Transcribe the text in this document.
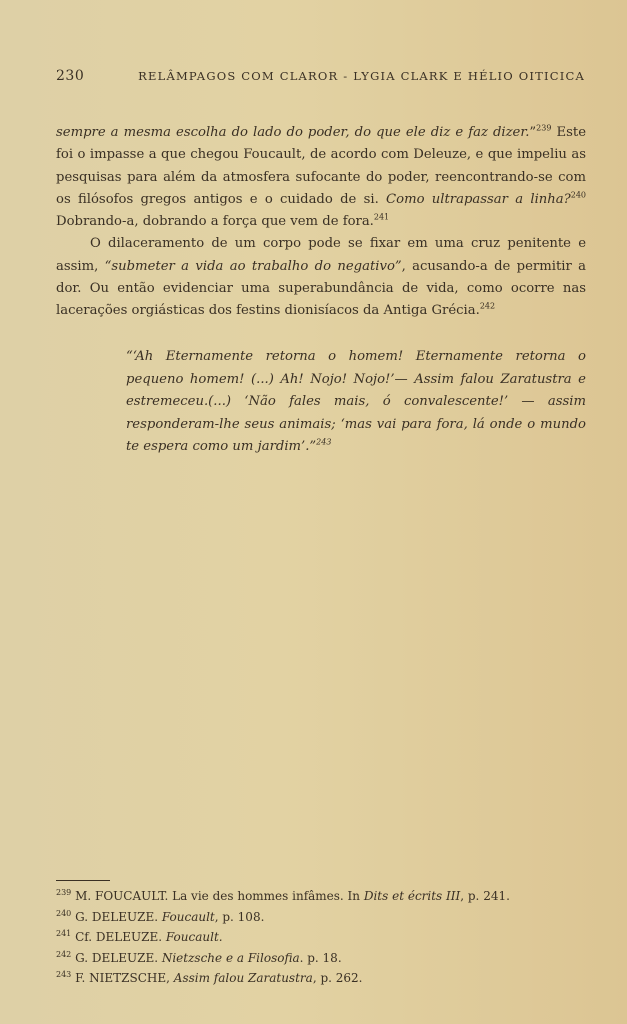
230	RELÂMPAGOS COM CLAROR - LYGIA CLARK E HÉLIO OITICICA

sempre a mesma escolha do lado do poder, do que ele diz e faz dizer.”$^{239}$ Este foi o impasse a que chegou Foucault, de acordo com Deleuze, e que impeliu as pesquisas para além da atmosfera sufocante do poder, reencontrando-se com os filósofos gregos antigos e o cuidado de si. Como ultrapassar a linha?$^{240}$ Dobrando-a, dobrando a força que vem de fora.$^{241}$

O dilaceramento de um corpo pode se fixar em uma cruz penitente e assim, “submeter a vida ao trabalho do negativo”, acusando-a de permitir a dor. Ou então evidenciar uma superabundância de vida, como ocorre nas lacerações orgiásticas dos festins dionisíacos da Antiga Grécia.$^{242}$

“‘Ah Eternamente retorna o homem! Eternamente retorna o pequeno homem! (...) Ah! Nojo! Nojo!’— Assim falou Zaratustra e estremeceu.(...) ‘Não fales mais, ó convalescente!’ — assim responderam-lhe seus animais; ‘mas vai para fora, lá onde o mundo te espera como um jardim’.”$^{243}$
$^{239}$ M. FOUCAULT. La vie des hommes infâmes. In Dits et écrits III, p. 241.
$^{240}$ G. DELEUZE. Foucault, p. 108.
$^{241}$ Cf. DELEUZE. Foucault.
$^{242}$ G. DELEUZE. Nietzsche e a Filosofia. p. 18.
$^{243}$ F. NIETZSCHE, Assim falou Zaratustra, p. 262.
